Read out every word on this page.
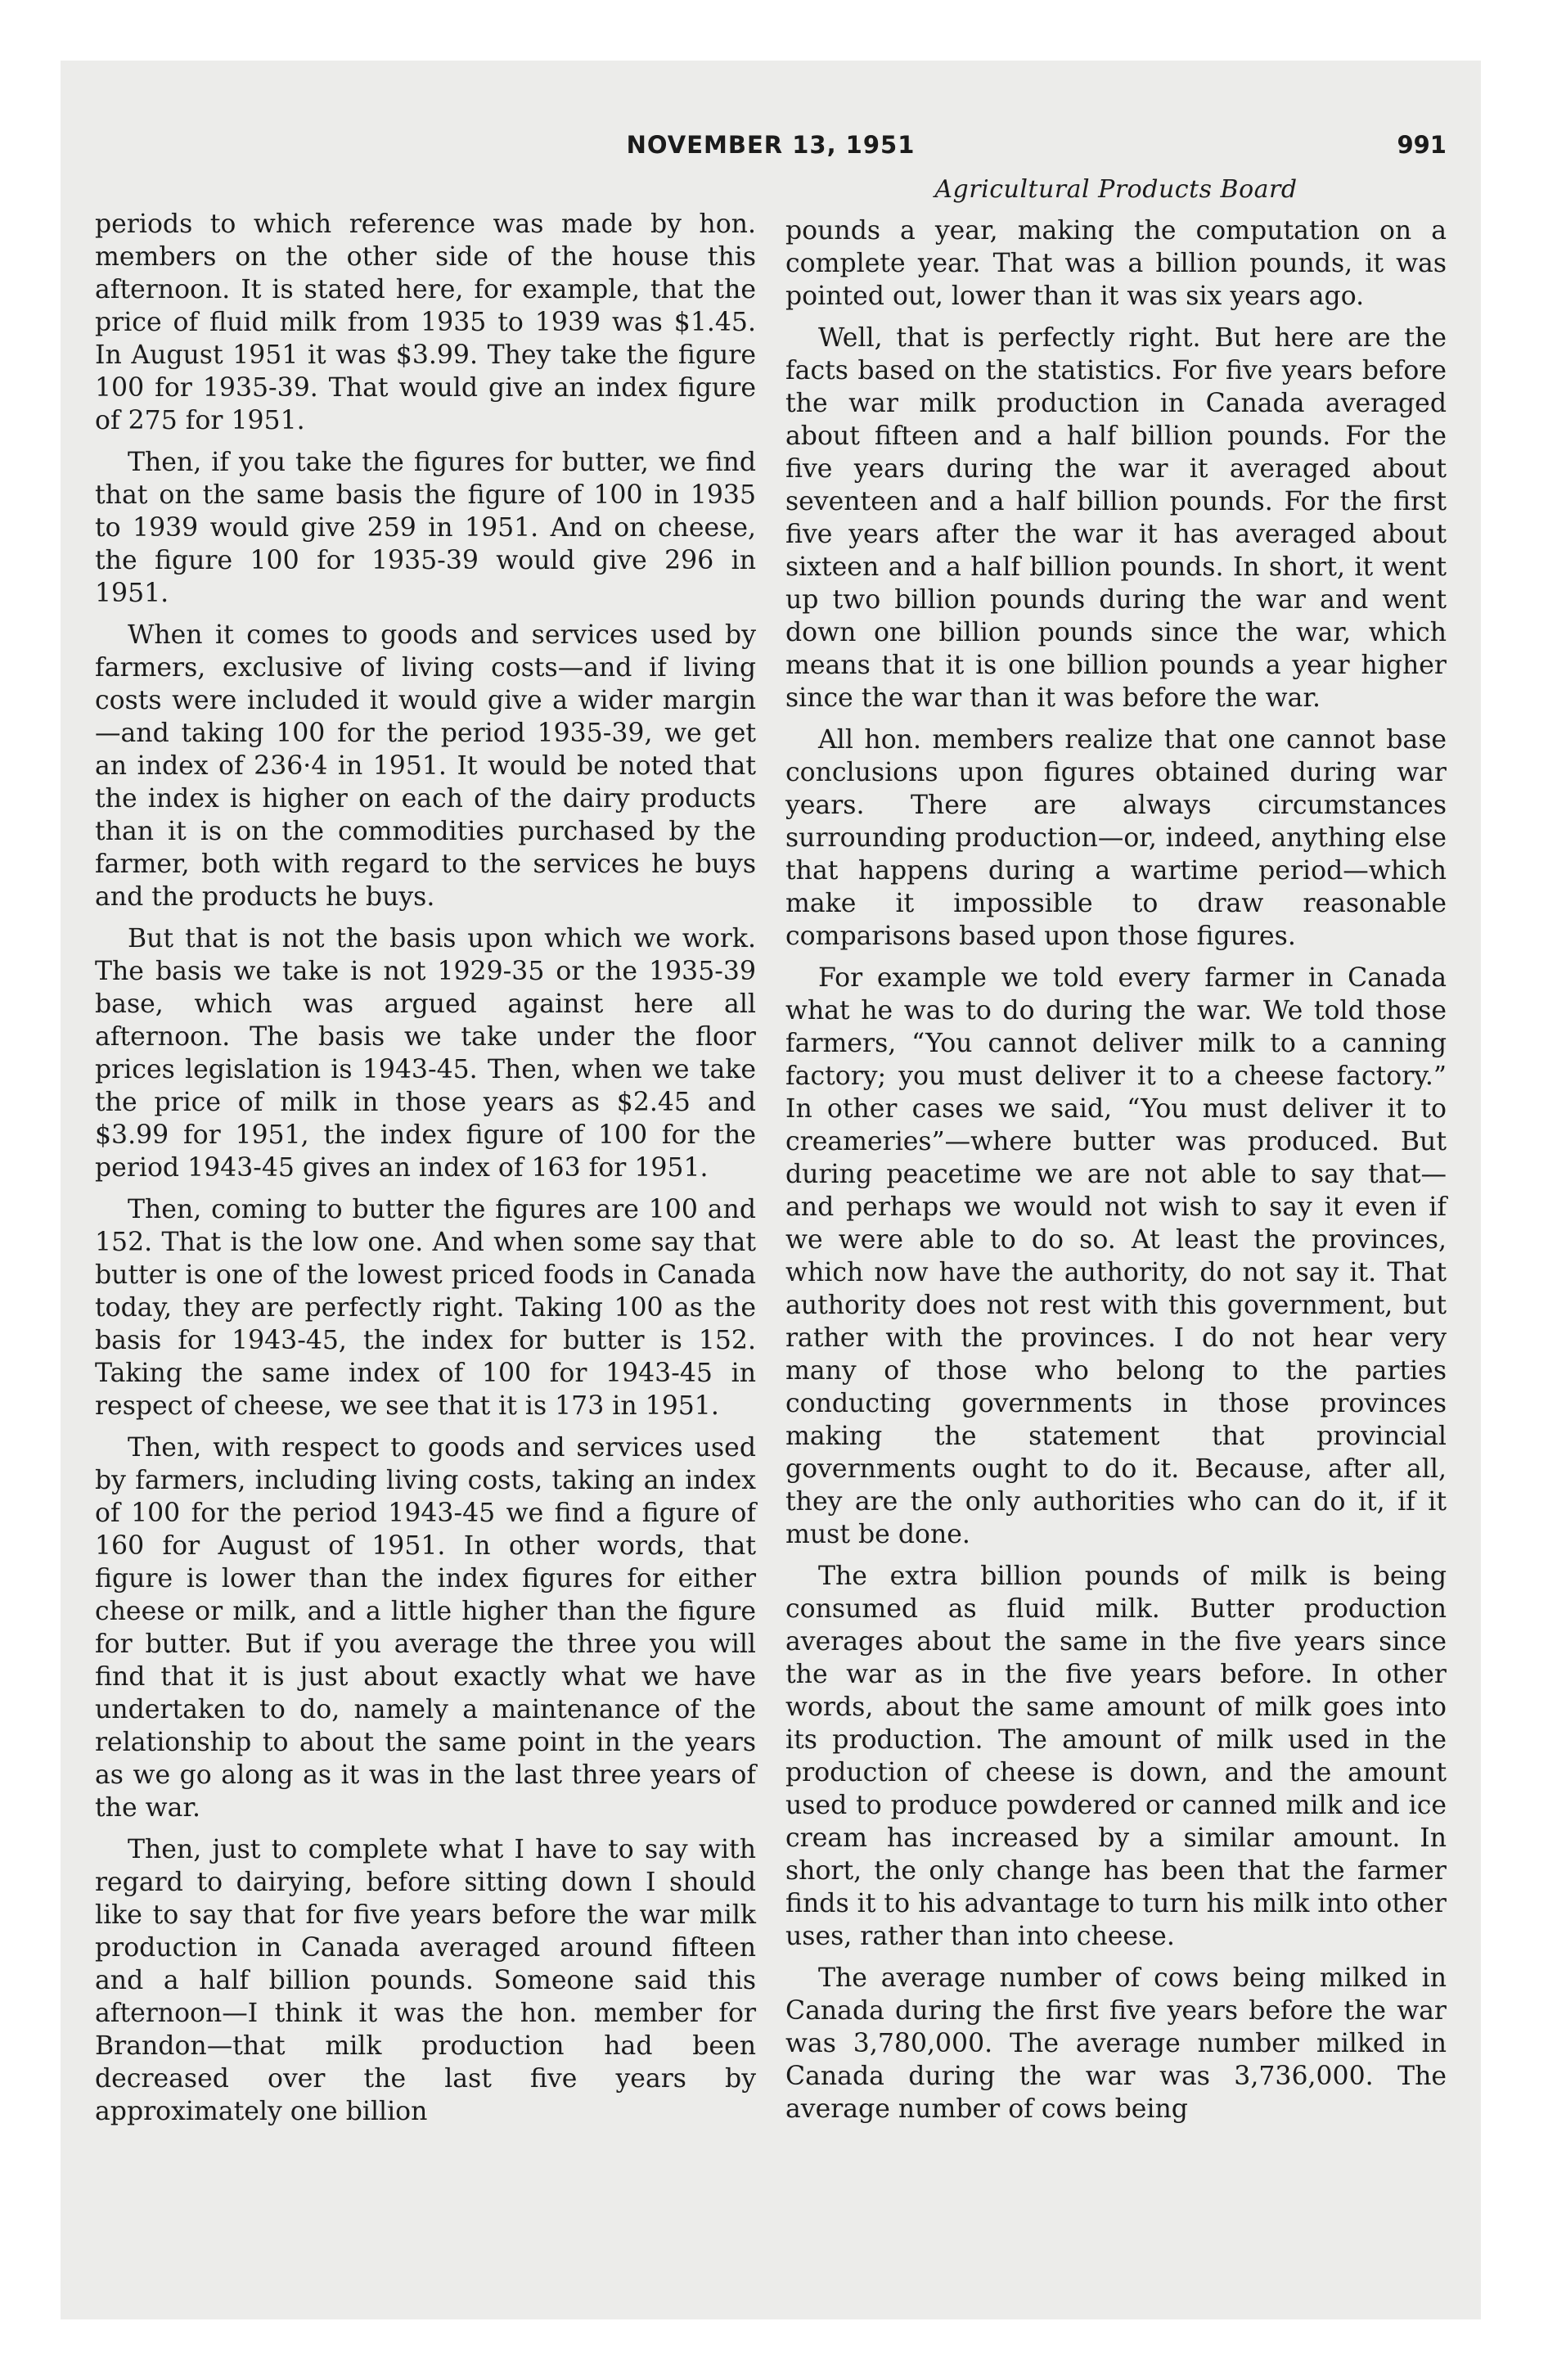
NOVEMBER 13, 1951	991
Agricultural Products Board

periods to which reference was made by hon. members on the other side of the house this afternoon. It is stated here, for example, that the price of fluid milk from 1935 to 1939 was $1.45. In August 1951 it was $3.99. They take the figure 100 for 1935-39. That would give an index figure of 275 for 1951.

Then, if you take the figures for butter, we find that on the same basis the figure of 100 in 1935 to 1939 would give 259 in 1951. And on cheese, the figure 100 for 1935-39 would give 296 in 1951.

When it comes to goods and services used by farmers, exclusive of living costs—and if living costs were included it would give a wider margin—and taking 100 for the period 1935-39, we get an index of 236·4 in 1951. It would be noted that the index is higher on each of the dairy products than it is on the commodities purchased by the farmer, both with regard to the services he buys and the products he buys.

But that is not the basis upon which we work. The basis we take is not 1929-35 or the 1935-39 base, which was argued against here all afternoon. The basis we take under the floor prices legislation is 1943-45. Then, when we take the price of milk in those years as $2.45 and $3.99 for 1951, the index figure of 100 for the period 1943-45 gives an index of 163 for 1951.

Then, coming to butter the figures are 100 and 152. That is the low one. And when some say that butter is one of the lowest priced foods in Canada today, they are perfectly right. Taking 100 as the basis for 1943-45, the index for butter is 152. Taking the same index of 100 for 1943-45 in respect of cheese, we see that it is 173 in 1951.

Then, with respect to goods and services used by farmers, including living costs, taking an index of 100 for the period 1943-45 we find a figure of 160 for August of 1951. In other words, that figure is lower than the index figures for either cheese or milk, and a little higher than the figure for butter. But if you average the three you will find that it is just about exactly what we have undertaken to do, namely a maintenance of the relationship to about the same point in the years as we go along as it was in the last three years of the war.

Then, just to complete what I have to say with regard to dairying, before sitting down I should like to say that for five years before the war milk production in Canada averaged around fifteen and a half billion pounds. Someone said this afternoon—I think it was the hon. member for Brandon—that milk production had been decreased over the last five years by approximately one billion

pounds a year, making the computation on a complete year. That was a billion pounds, it was pointed out, lower than it was six years ago.

Well, that is perfectly right. But here are the facts based on the statistics. For five years before the war milk production in Canada averaged about fifteen and a half billion pounds. For the five years during the war it averaged about seventeen and a half billion pounds. For the first five years after the war it has averaged about sixteen and a half billion pounds. In short, it went up two billion pounds during the war and went down one billion pounds since the war, which means that it is one billion pounds a year higher since the war than it was before the war.

All hon. members realize that one cannot base conclusions upon figures obtained during war years. There are always circumstances surrounding production—or, indeed, anything else that happens during a wartime period—which make it impossible to draw reasonable comparisons based upon those figures.

For example we told every farmer in Canada what he was to do during the war. We told those farmers, “You cannot deliver milk to a canning factory; you must deliver it to a cheese factory.” In other cases we said, “You must deliver it to creameries”—where butter was produced. But during peacetime we are not able to say that—and perhaps we would not wish to say it even if we were able to do so. At least the provinces, which now have the authority, do not say it. That authority does not rest with this government, but rather with the provinces. I do not hear very many of those who belong to the parties conducting governments in those provinces making the statement that provincial governments ought to do it. Because, after all, they are the only authorities who can do it, if it must be done.

The extra billion pounds of milk is being consumed as fluid milk. Butter production averages about the same in the five years since the war as in the five years before. In other words, about the same amount of milk goes into its production. The amount of milk used in the production of cheese is down, and the amount used to produce powdered or canned milk and ice cream has increased by a similar amount. In short, the only change has been that the farmer finds it to his advantage to turn his milk into other uses, rather than into cheese.

The average number of cows being milked in Canada during the first five years before the war was 3,780,000. The average number milked in Canada during the war was 3,736,000. The average number of cows being
